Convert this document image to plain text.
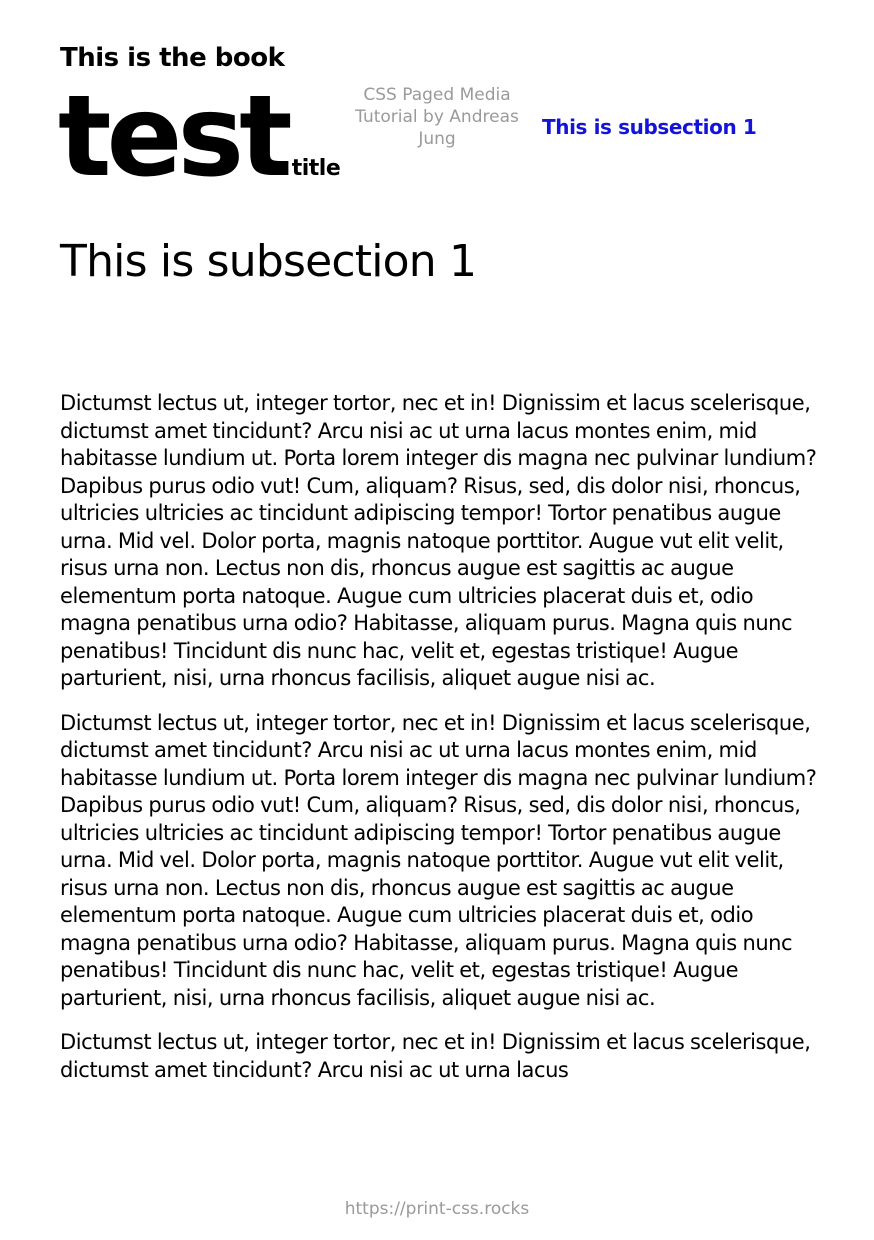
This is the book
test title
CSS Paged Media Tutorial by Andreas Jung	This is subsection 1
This is subsection 1

Dictumst lectus ut, integer tortor, nec et in! Dignissim et lacus scelerisque, dictumst amet tincidunt? Arcu nisi ac ut urna lacus montes enim, mid habitasse lundium ut. Porta lorem integer dis magna nec pulvinar lundium? Dapibus purus odio vut! Cum, aliquam? Risus, sed, dis dolor nisi, rhoncus, ultricies ultricies ac tincidunt adipiscing tempor! Tortor penatibus augue urna. Mid vel. Dolor porta, magnis natoque porttitor. Augue vut elit velit, risus urna non. Lectus non dis, rhoncus augue est sagittis ac augue elementum porta natoque. Augue cum ultricies placerat duis et, odio magna penatibus urna odio? Habitasse, aliquam purus. Magna quis nunc penatibus! Tincidunt dis nunc hac, velit et, egestas tristique! Augue parturient, nisi, urna rhoncus facilisis, aliquet augue nisi ac.

Dictumst lectus ut, integer tortor, nec et in! Dignissim et lacus scelerisque, dictumst amet tincidunt? Arcu nisi ac ut urna lacus montes enim, mid habitasse lundium ut. Porta lorem integer dis magna nec pulvinar lundium? Dapibus purus odio vut! Cum, aliquam? Risus, sed, dis dolor nisi, rhoncus, ultricies ultricies ac tincidunt adipiscing tempor! Tortor penatibus augue urna. Mid vel. Dolor porta, magnis natoque porttitor. Augue vut elit velit, risus urna non. Lectus non dis, rhoncus augue est sagittis ac augue elementum porta natoque. Augue cum ultricies placerat duis et, odio magna penatibus urna odio? Habitasse, aliquam purus. Magna quis nunc penatibus! Tincidunt dis nunc hac, velit et, egestas tristique! Augue parturient, nisi, urna rhoncus facilisis, aliquet augue nisi ac.

Dictumst lectus ut, integer tortor, nec et in! Dignissim et lacus scelerisque, dictumst amet tincidunt? Arcu nisi ac ut urna lacus

https://print-css.rocks
